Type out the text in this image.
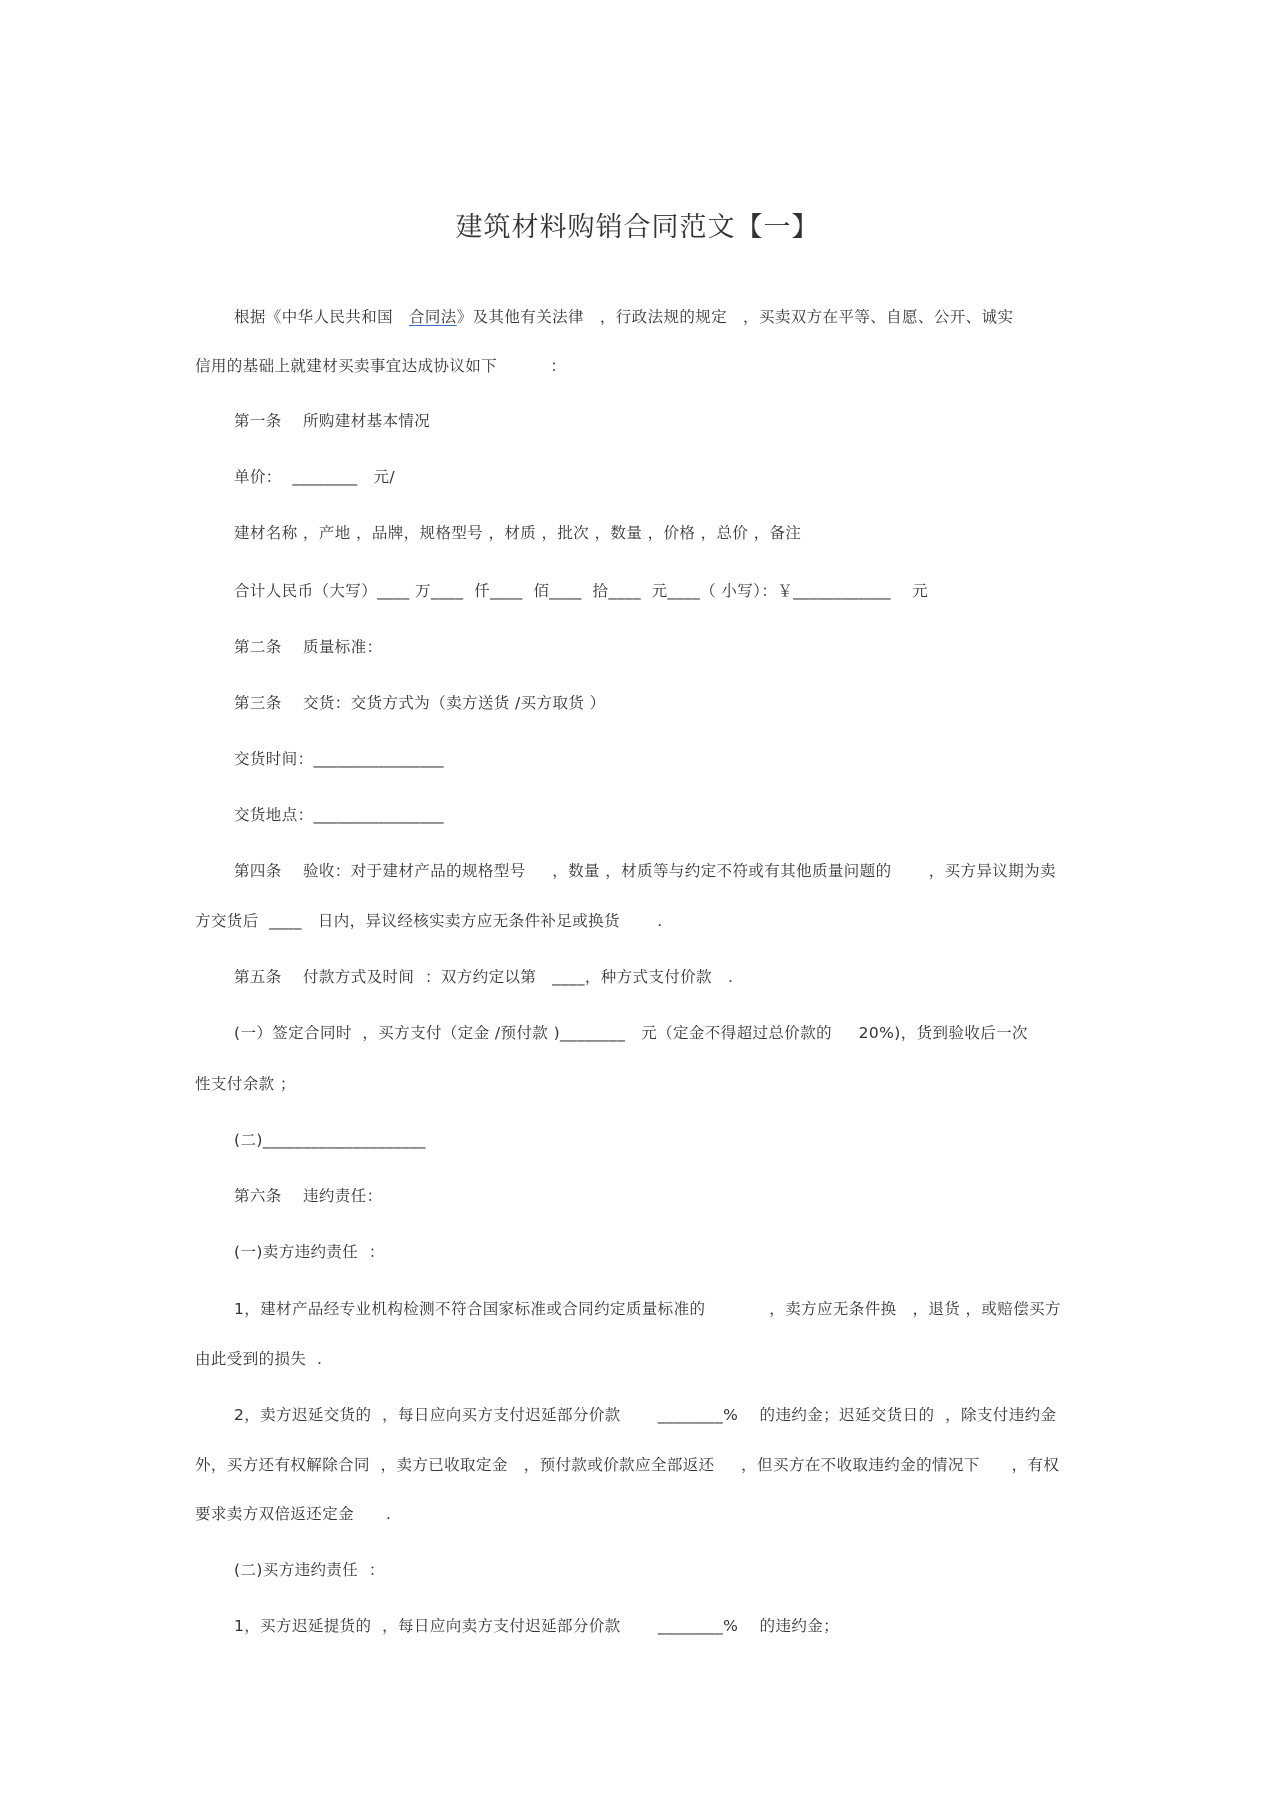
建筑材料购销合同范文【一】
根据《中华人民共和国   合同法》及其他有关法律   ，行政法规的规定   ，买卖双方在平等、自愿、公开、诚实
信用的基础上就建材买卖事宜达成协议如下          ：
第一条    所购建材基本情况
单价：  ________   元/
建材名称 ，产地 ，品牌，规格型号 ，材质 ，批次 ，数量 ，价格 ，总价 ，备注
合计人民币（大写）____ 万____  仟____  佰____  拾____  元____（ 小写）：￥____________    元
第二条    质量标准：
第三条    交货：交货方式为（卖方送货 /买方取货 ）
交货时间：________________
交货地点：________________
第四条    验收：对于建材产品的规格型号     ，数量 ，材质等与约定不符或有其他质量问题的       ，买方异议期为卖
方交货后  ____   日内，异议经核实卖方应无条件补足或换货       .
第五条    付款方式及时间  ：双方约定以第   ____，种方式支付价款   .
(一）签定合同时  ，买方支付（定金 /预付款 )________   元（定金不得超过总价款的     20%)，货到验收后一次
性支付余款 ；
(二)____________________
第六条    违约责任：
(一)卖方违约责任  ：
1，建材产品经专业机构检测不符合国家标准或合同约定质量标准的            ，卖方应无条件换   ，退货 ，或赔偿买方
由此受到的损失  .
2，卖方迟延交货的  ，每日应向买方支付迟延部分价款       ________%    的违约金；迟延交货日的  ，除支付违约金
外，买方还有权解除合同  ，卖方已收取定金   ，预付款或价款应全部返还     ，但买方在不收取违约金的情况下      ，有权
要求卖方双倍返还定金      .
(二)买方违约责任  ：
1，买方迟延提货的  ，每日应向卖方支付迟延部分价款       ________%    的违约金；
